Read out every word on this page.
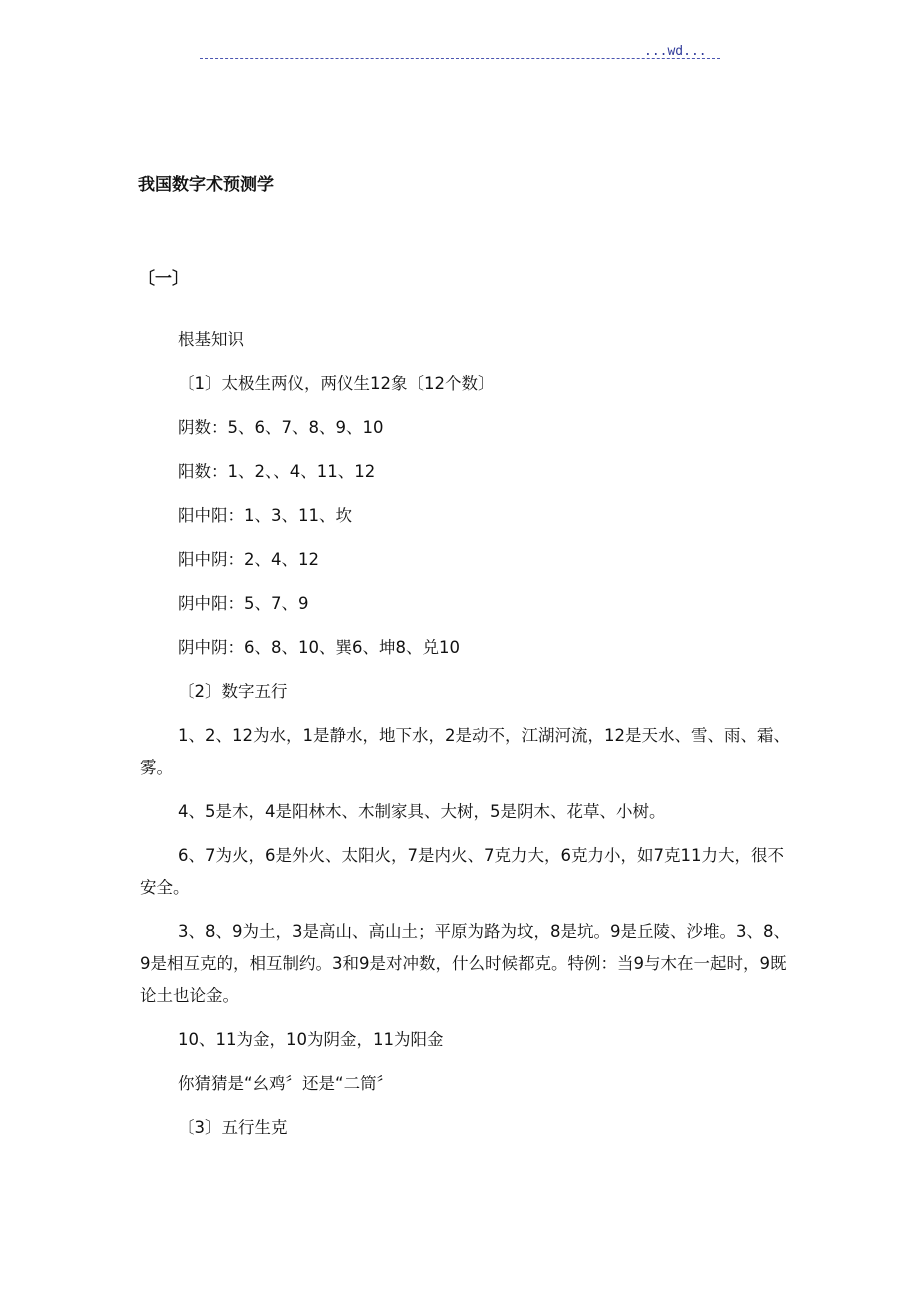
...wd...
我国数字术预测学
〔一〕

根基知识

〔1〕太极生两仪，两仪生12象〔12个数〕

阴数：5、6、7、8、9、10

阳数：1、2、、4、11、12

阳中阳：1、3、11、坎

阳中阴：2、4、12

阴中阳：5、7、9

阴中阴：6、8、10、巽6、坤8、兑10

〔2〕数字五行

1、2、12为水，1是静水，地下水，2是动不，江湖河流，12是天水、雪、雨、霜、雾。

4、5是木，4是阳林木、木制家具、大树，5是阴木、花草、小树。

6、7为火，6是外火、太阳火，7是内火、7克力大，6克力小，如7克11力大，很不安全。

3、8、9为土，3是高山、高山土；平原为路为坟，8是坑。9是丘陵、沙堆。3、8、9是相互克的，相互制约。3和9是对冲数，什么时候都克。特例：当9与木在一起时，9既论土也论金。

10、11为金，10为阴金，11为阳金

你猜猜是“幺鸡〞还是“二筒〞

〔3〕五行生克
